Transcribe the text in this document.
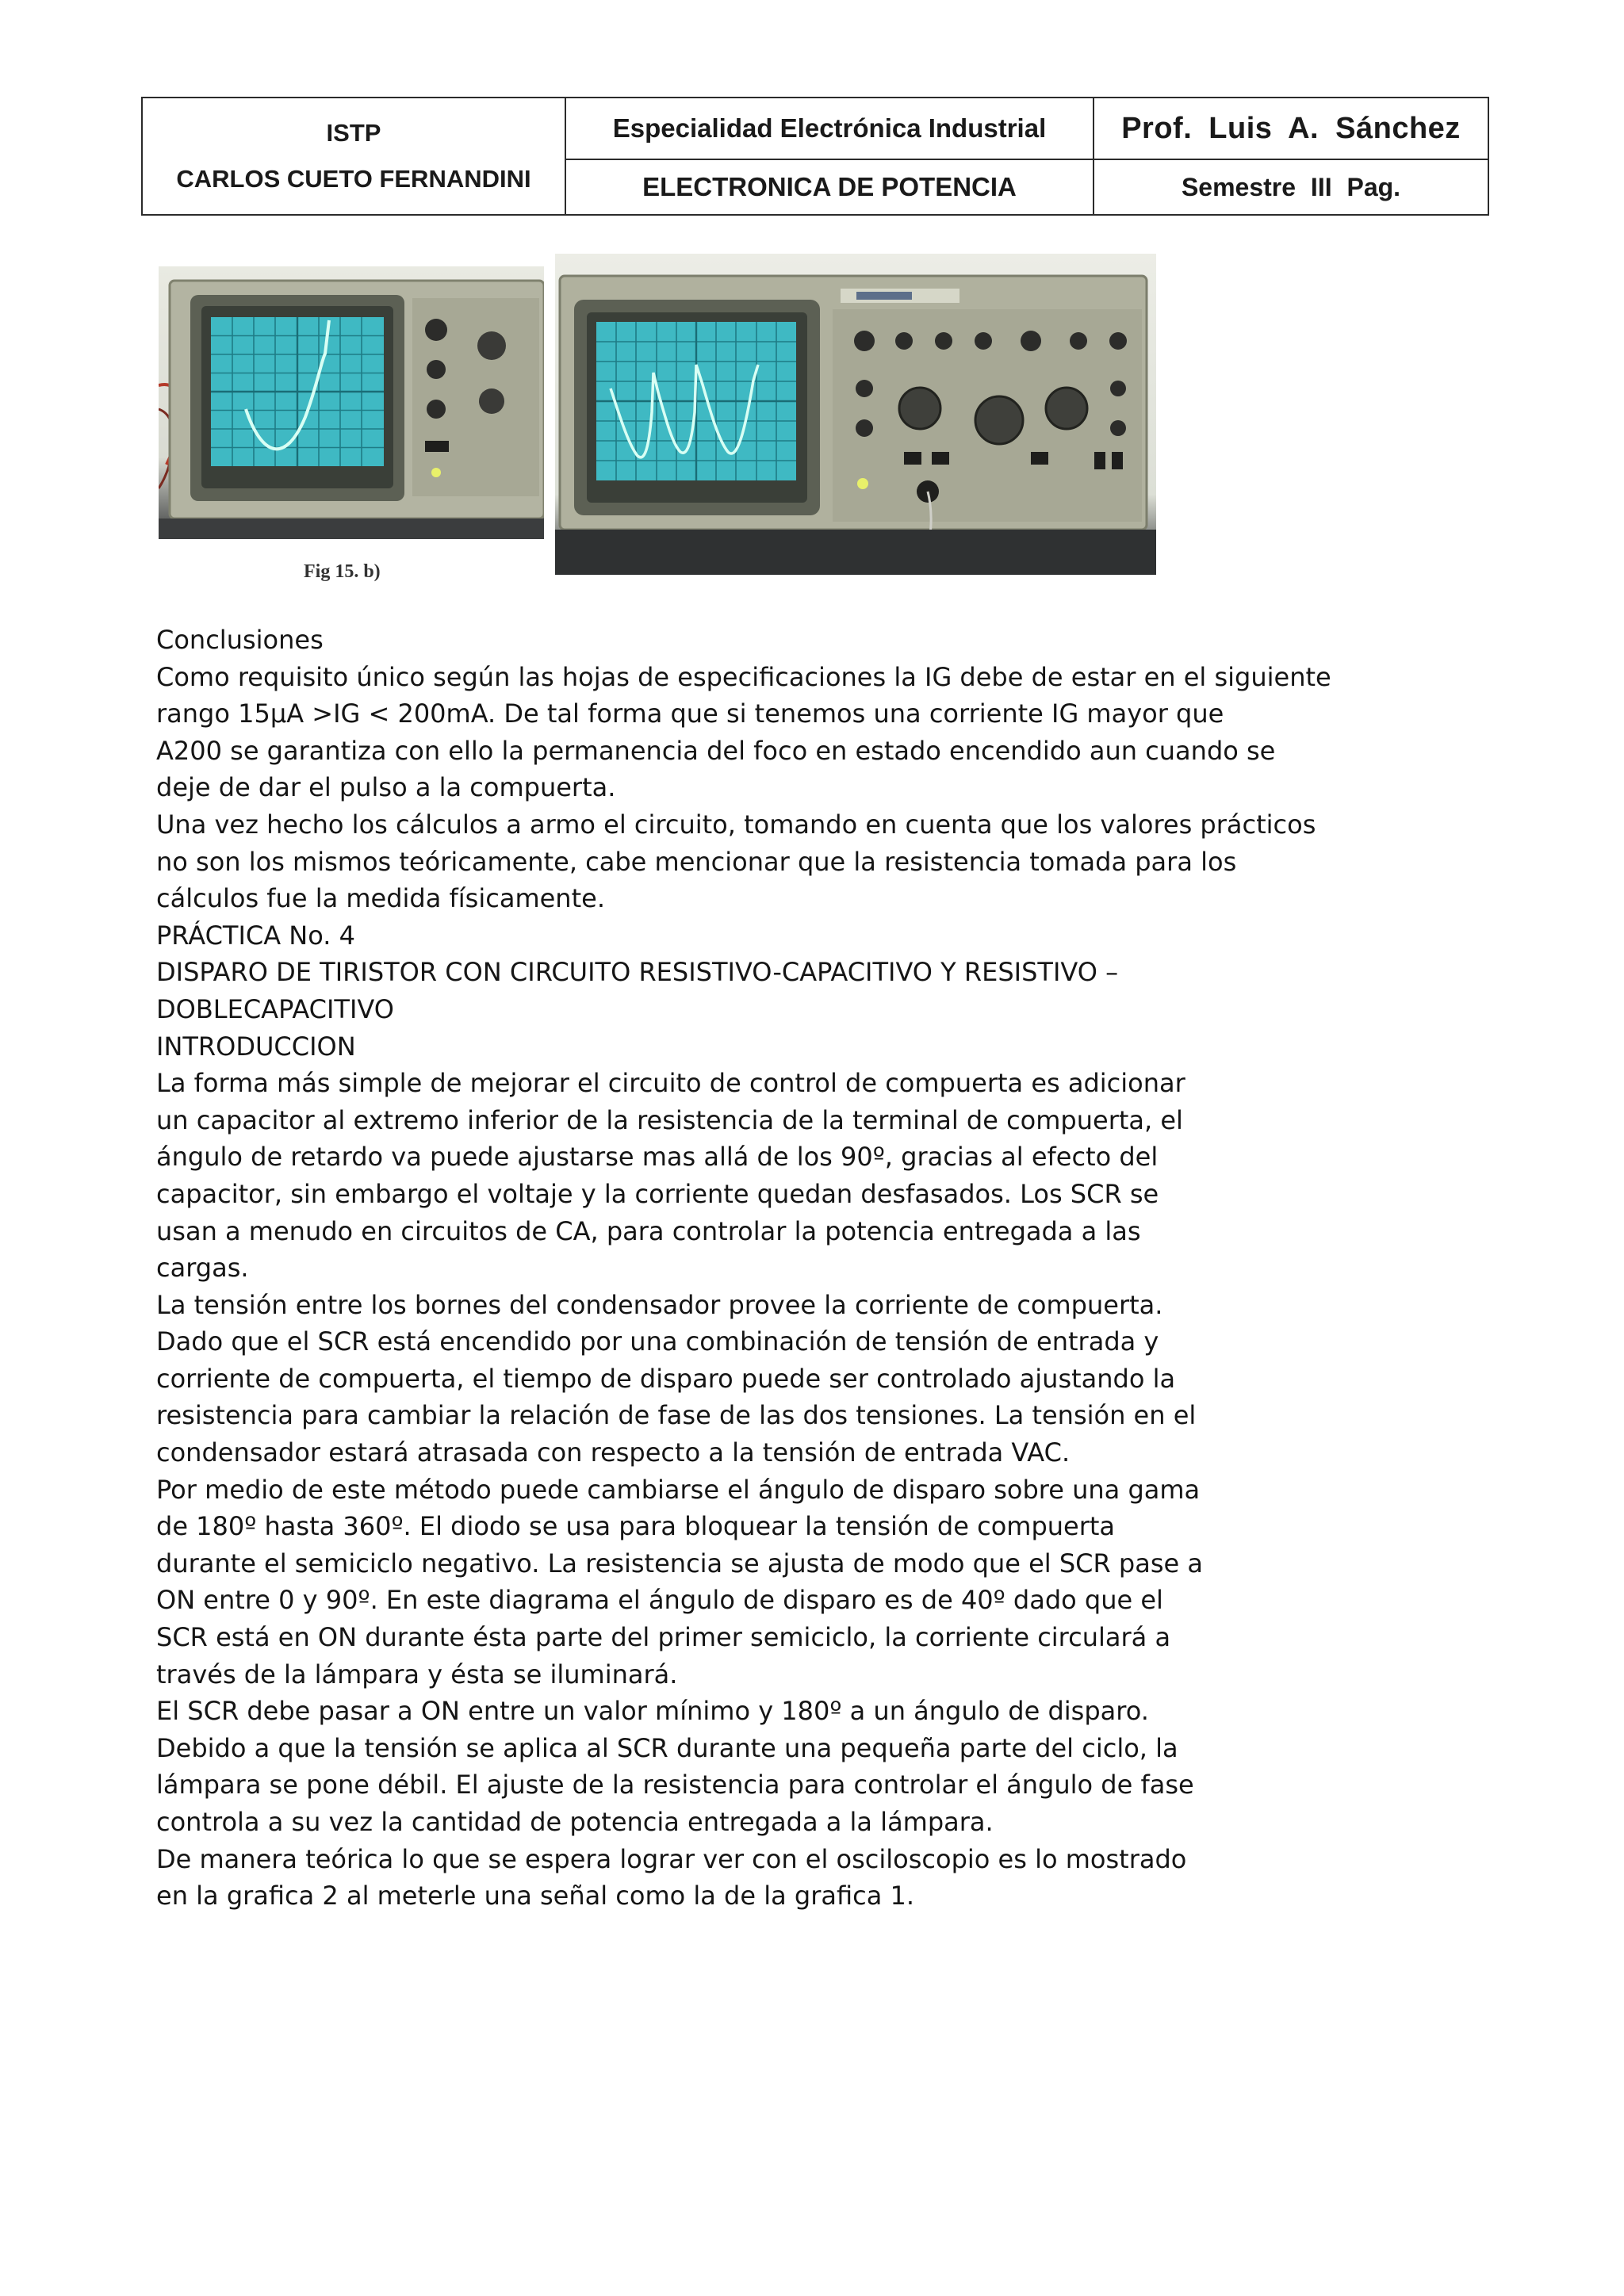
ISTP
CARLOS CUETO FERNANDINI	Especialidad Electrónica Industrial	Prof. Luis A. Sánchez
	ELECTRONICA DE POTENCIA	Semestre III Pag.
Fig 15. b)
Conclusiones
Como requisito único según las hojas de especificaciones la IG debe de estar en el siguiente
rango 15µA >IG < 200mA. De tal forma que si tenemos una corriente IG mayor que
A200 se garantiza con ello la permanencia del foco en estado encendido aun cuando se
deje de dar el pulso a la compuerta.
Una vez hecho los cálculos a armo el circuito, tomando en cuenta que los valores prácticos
no son los mismos teóricamente, cabe mencionar que la resistencia tomada para los
cálculos fue la medida físicamente.
PRÁCTICA No. 4
DISPARO DE TIRISTOR CON CIRCUITO RESISTIVO-CAPACITIVO Y RESISTIVO –
DOBLECAPACITIVO
INTRODUCCION
La forma más simple de mejorar el circuito de control de compuerta es adicionar
un capacitor al extremo inferior de la resistencia de la terminal de compuerta, el
ángulo de retardo va puede ajustarse mas allá de los 90º, gracias al efecto del
capacitor, sin embargo el voltaje y la corriente quedan desfasados. Los SCR se
usan a menudo en circuitos de CA, para controlar la potencia entregada a las
cargas.
La tensión entre los bornes del condensador provee la corriente de compuerta.
Dado que el SCR está encendido por una combinación de tensión de entrada y
corriente de compuerta, el tiempo de disparo puede ser controlado ajustando la
resistencia para cambiar la relación de fase de las dos tensiones. La tensión en el
condensador estará atrasada con respecto a la tensión de entrada VAC.
Por medio de este método puede cambiarse el ángulo de disparo sobre una gama
de 180º hasta 360º. El diodo se usa para bloquear la tensión de compuerta
durante el semiciclo negativo. La resistencia se ajusta de modo que el SCR pase a
ON entre 0 y 90º. En este diagrama el ángulo de disparo es de 40º dado que el
SCR está en ON durante ésta parte del primer semiciclo, la corriente circulará a
través de la lámpara y ésta se iluminará.
El SCR debe pasar a ON entre un valor mínimo y 180º a un ángulo de disparo.
Debido a que la tensión se aplica al SCR durante una pequeña parte del ciclo, la
lámpara se pone débil. El ajuste de la resistencia para controlar el ángulo de fase
controla a su vez la cantidad de potencia entregada a la lámpara.
De manera teórica lo que se espera lograr ver con el osciloscopio es lo mostrado
en la grafica 2 al meterle una señal como la de la grafica 1.
